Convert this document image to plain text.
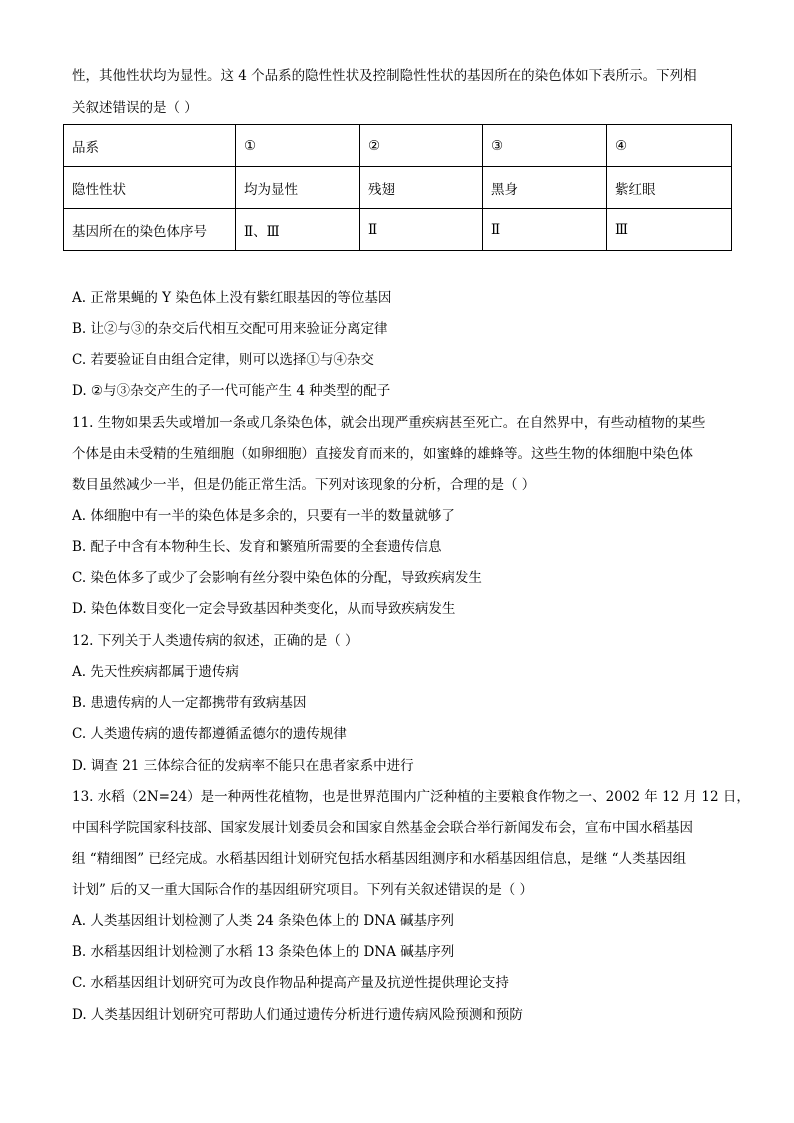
性，其他性状均为显性。这 4 个品系的隐性性状及控制隐性性状的基因所在的染色体如下表所示。下列相
关叙述错误的是（ ）
品系	①	②	③	④
隐性性状	均为显性	残翅	黑身	紫红眼
基因所在的染色体序号	Ⅱ、Ⅲ	Ⅱ	Ⅱ	Ⅲ
A. 正常果蝇的 Y 染色体上没有紫红眼基因的等位基因
B. 让②与③的杂交后代相互交配可用来验证分离定律
C. 若要验证自由组合定律，则可以选择①与④杂交
D. ②与③杂交产生的子一代可能产生 4 种类型的配子
11. 生物如果丢失或增加一条或几条染色体，就会出现严重疾病甚至死亡。在自然界中，有些动植物的某些
个体是由未受精的生殖细胞（如卵细胞）直接发育而来的，如蜜蜂的雄蜂等。这些生物的体细胞中染色体
数目虽然减少一半，但是仍能正常生活。下列对该现象的分析，合理的是（ ）
A. 体细胞中有一半的染色体是多余的，只要有一半的数量就够了
B. 配子中含有本物种生长、发育和繁殖所需要的全套遗传信息
C. 染色体多了或少了会影响有丝分裂中染色体的分配，导致疾病发生
D. 染色体数目变化一定会导致基因种类变化，从而导致疾病发生
12. 下列关于人类遗传病的叙述，正确的是（ ）
A. 先天性疾病都属于遗传病
B. 患遗传病的人一定都携带有致病基因
C. 人类遗传病的遗传都遵循孟德尔的遗传规律
D. 调查 21 三体综合征的发病率不能只在患者家系中进行
13. 水稻（2N=24）是一种两性花植物，也是世界范围内广泛种植的主要粮食作物之一、2002 年 12 月 12 日，
中国科学院国家科技部、国家发展计划委员会和国家自然基金会联合举行新闻发布会，宣布中国水稻基因
组 “精细图” 已经完成。水稻基因组计划研究包括水稻基因组测序和水稻基因组信息，是继 “人类基因组
计划” 后的又一重大国际合作的基因组研究项目。下列有关叙述错误的是（ ）
A. 人类基因组计划检测了人类 24 条染色体上的 DNA 碱基序列
B. 水稻基因组计划检测了水稻 13 条染色体上的 DNA 碱基序列
C. 水稻基因组计划研究可为改良作物品种提高产量及抗逆性提供理论支持
D. 人类基因组计划研究可帮助人们通过遗传分析进行遗传病风险预测和预防
